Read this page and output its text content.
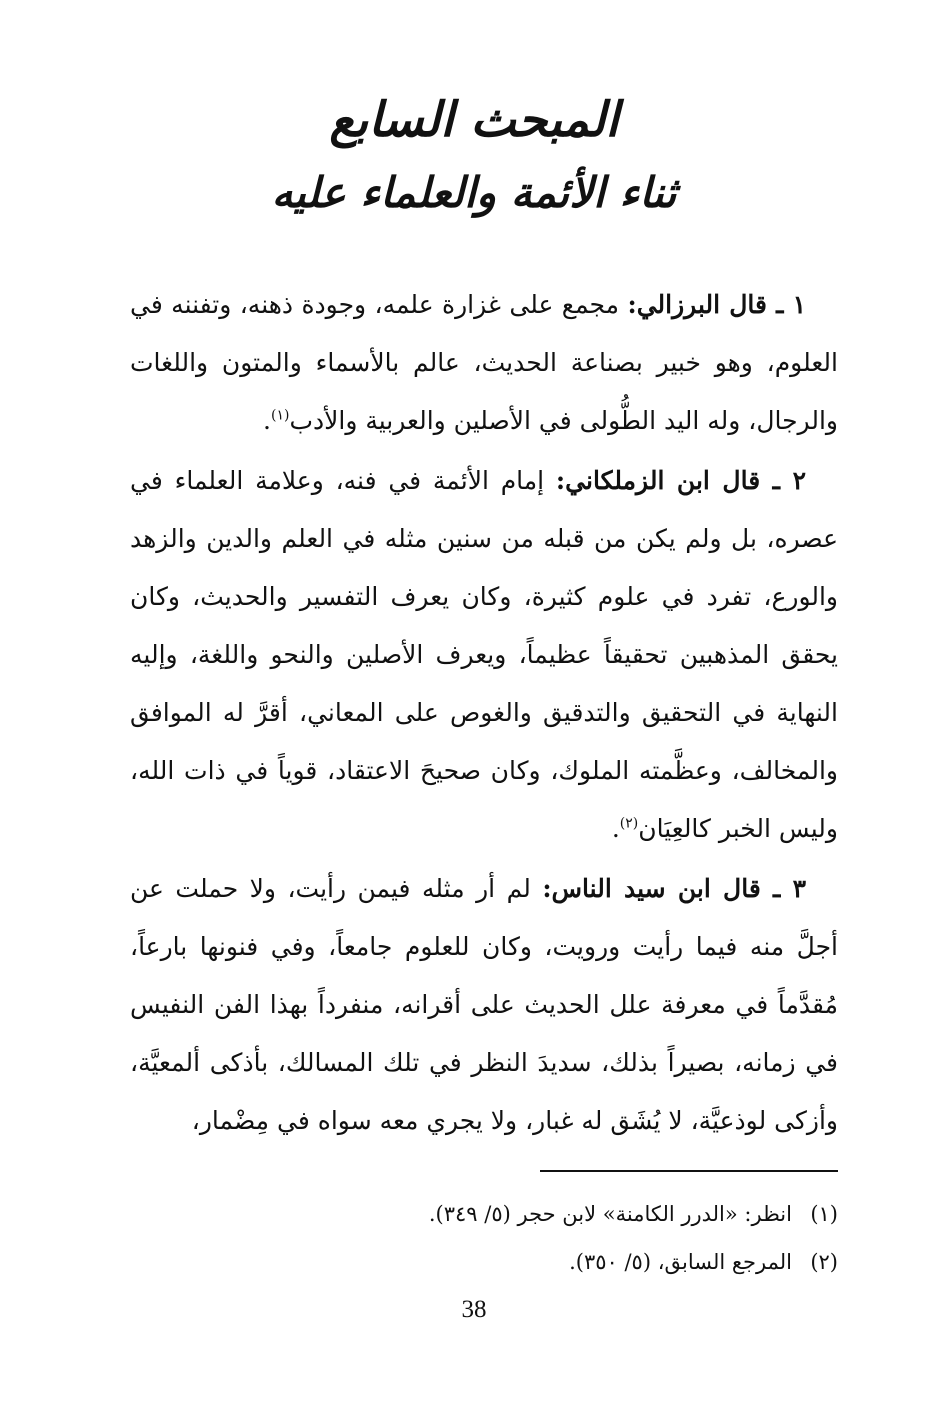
المبحث السابع
ثناء الأئمة والعلماء عليه

١ ـ قال البرزالي: مجمع على غزارة علمه، وجودة ذهنه، وتفننه في العلوم، وهو خبير بصناعة الحديث، عالم بالأسماء والمتون واللغات والرجال، وله اليد الطُّولى في الأصلين والعربية والأدب$^{(١)}$.

٢ ـ قال ابن الزملكاني: إمام الأئمة في فنه، وعلامة العلماء في عصره، بل ولم يكن من قبله من سنين مثله في العلم والدين والزهد والورع، تفرد في علوم كثيرة، وكان يعرف التفسير والحديث، وكان يحقق المذهبين تحقيقاً عظيماً، ويعرف الأصلين والنحو واللغة، وإليه النهاية في التحقيق والتدقيق والغوص على المعاني، أقرَّ له الموافق والمخالف، وعظَّمته الملوك، وكان صحيحَ الاعتقاد، قوياً في ذات الله، وليس الخبر كالعِيَان$^{(٢)}$.

٣ ـ قال ابن سيد الناس: لم أر مثله فيمن رأيت، ولا حملت عن أجلَّ منه فيما رأيت ورويت، وكان للعلوم جامعاً، وفي فنونها بارعاً، مُقدَّماً في معرفة علل الحديث على أقرانه، منفرداً بهذا الفن النفيس في زمانه، بصيراً بذلك، سديدَ النظر في تلك المسالك، بأذكى ألمعيَّة، وأزكى لوذعيَّة، لا يُشَق له غبار، ولا يجري معه سواه في مِضْمار،

(١)انظر: «الدرر الكامنة» لابن حجر (٥/ ٣٤٩).
(٢)المرجع السابق، (٥/ ٣٥٠).
38
